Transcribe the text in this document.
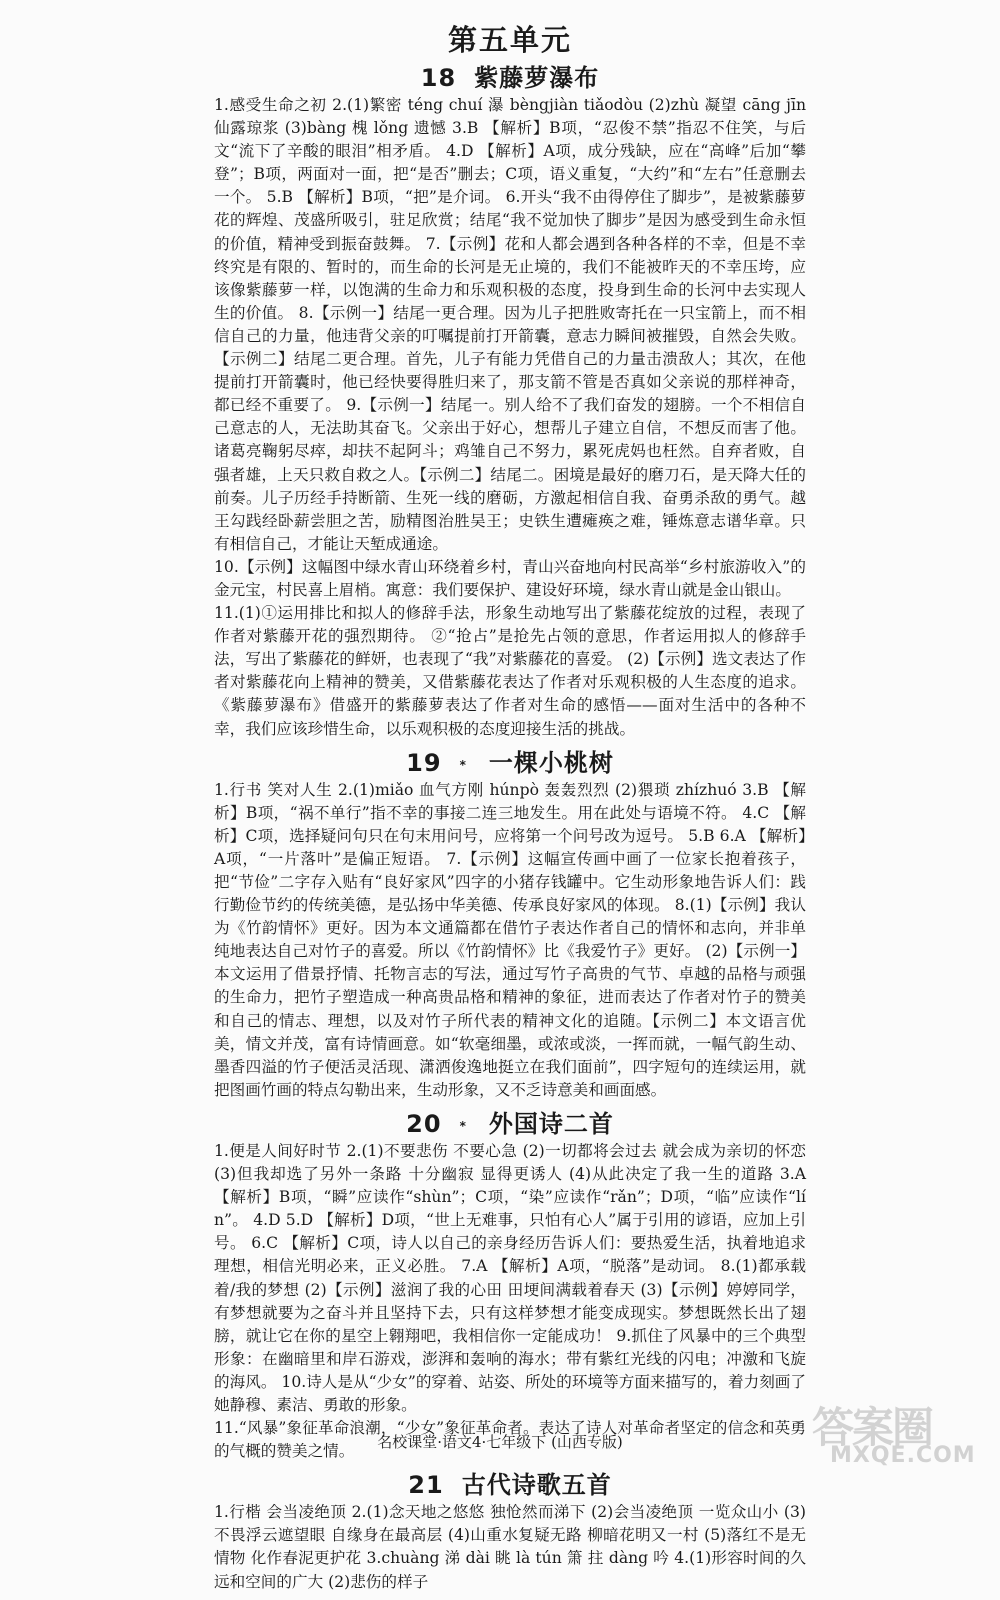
第五单元
18 紫藤萝瀑布

1.感受生命之初 2.(1)繁密 téng chuí 瀑 bèngjiàn tiǎodòu (2)zhù 凝望 cāng jīn 仙露琼浆 (3)bàng 槐 lǒng 遗憾 3.B 【解析】B项，“忍俊不禁”指忍不住笑，与后文“流下了辛酸的眼泪”相矛盾。 4.D 【解析】A项，成分残缺，应在“高峰”后加“攀登”；B项，两面对一面，把“是否”删去；C项，语义重复，“大约”和“左右”任意删去一个。 5.B 【解析】B项，“把”是介词。 6.开头“我不由得停住了脚步”，是被紫藤萝花的辉煌、茂盛所吸引，驻足欣赏；结尾“我不觉加快了脚步”是因为感受到生命永恒的价值，精神受到振奋鼓舞。 7.【示例】花和人都会遇到各种各样的不幸，但是不幸终究是有限的、暂时的，而生命的长河是无止境的，我们不能被昨天的不幸压垮，应该像紫藤萝一样，以饱满的生命力和乐观积极的态度，投身到生命的长河中去实现人生的价值。 8.【示例一】结尾一更合理。因为儿子把胜败寄托在一只宝箭上，而不相信自己的力量，他违背父亲的叮嘱提前打开箭囊，意志力瞬间被摧毁，自然会失败。【示例二】结尾二更合理。首先，儿子有能力凭借自己的力量击溃敌人；其次，在他提前打开箭囊时，他已经快要得胜归来了，那支箭不管是否真如父亲说的那样神奇，都已经不重要了。 9.【示例一】结尾一。别人给不了我们奋发的翅膀。一个不相信自己意志的人，无法助其奋飞。父亲出于好心，想帮儿子建立自信，不想反而害了他。诸葛亮鞠躬尽瘁，却扶不起阿斗；鸡雏自己不努力，累死虎妈也枉然。自弃者败，自强者雄，上天只救自救之人。【示例二】结尾二。困境是最好的磨刀石，是天降大任的前奏。儿子历经手持断箭、生死一线的磨砺，方激起相信自我、奋勇杀敌的勇气。越王勾践经卧薪尝胆之苦，励精图治胜吴王；史铁生遭瘫痪之难，锤炼意志谱华章。只有相信自己，才能让天堑成通途。

10.【示例】这幅图中绿水青山环绕着乡村，青山兴奋地向村民高举“乡村旅游收入”的金元宝，村民喜上眉梢。寓意：我们要保护、建设好环境，绿水青山就是金山银山。

11.(1)①运用排比和拟人的修辞手法，形象生动地写出了紫藤花绽放的过程，表现了作者对紫藤开花的强烈期待。 ②“抢占”是抢先占领的意思，作者运用拟人的修辞手法，写出了紫藤花的鲜妍，也表现了“我”对紫藤花的喜爱。 (2)【示例】选文表达了作者对紫藤花向上精神的赞美，又借紫藤花表达了作者对乐观积极的人生态度的追求。《紫藤萝瀑布》借盛开的紫藤萝表达了作者对生命的感悟——面对生活中的各种不幸，我们应该珍惜生命，以乐观积极的态度迎接生活的挑战。

19 * 一棵小桃树

1.行书 笑对人生 2.(1)miǎo 血气方刚 húnpò 轰轰烈烈 (2)猥琐 zhízhuó 3.B 【解析】B项，“祸不单行”指不幸的事接二连三地发生。用在此处与语境不符。 4.C 【解析】C项，选择疑问句只在句末用问号，应将第一个问号改为逗号。 5.B 6.A 【解析】A项，“一片落叶”是偏正短语。 7.【示例】这幅宣传画中画了一位家长抱着孩子，把“节俭”二字存入贴有“良好家风”四字的小猪存钱罐中。它生动形象地告诉人们：践行勤俭节约的传统美德，是弘扬中华美德、传承良好家风的体现。 8.(1)【示例】我认为《竹韵情怀》更好。因为本文通篇都在借竹子表达作者自己的情怀和志向，并非单纯地表达自己对竹子的喜爱。所以《竹韵情怀》比《我爱竹子》更好。 (2)【示例一】本文运用了借景抒情、托物言志的写法，通过写竹子高贵的气节、卓越的品格与顽强的生命力，把竹子塑造成一种高贵品格和精神的象征，进而表达了作者对竹子的赞美和自己的情志、理想，以及对竹子所代表的精神文化的追随。【示例二】本文语言优美，情文并茂，富有诗情画意。如“软毫细墨，或浓或淡，一挥而就，一幅气韵生动、墨香四溢的竹子便活灵活现、潇洒俊逸地挺立在我们面前”，四字短句的连续运用，就把图画竹画的特点勾勒出来，生动形象，又不乏诗意美和画面感。

20 * 外国诗二首

1.便是人间好时节 2.(1)不要悲伤 不要心急 (2)一切都将会过去 就会成为亲切的怀恋 (3)但我却选了另外一条路 十分幽寂 显得更诱人 (4)从此决定了我一生的道路 3.A 【解析】B项，“瞬”应读作“shùn”；C项，“染”应读作“rǎn”；D项，“临”应读作“lín”。 4.D 5.D 【解析】D项，“世上无难事，只怕有心人”属于引用的谚语，应加上引号。 6.C 【解析】C项，诗人以自己的亲身经历告诉人们：要热爱生活，执着地追求理想，相信光明必来，正义必胜。 7.A 【解析】A项，“脱落”是动词。 8.(1)都承载着/我的梦想 (2)【示例】滋润了我的心田 田埂间满载着春天 (3)【示例】婷婷同学，有梦想就要为之奋斗并且坚持下去，只有这样梦想才能变成现实。梦想既然长出了翅膀，就让它在你的星空上翱翔吧，我相信你一定能成功！ 9.抓住了风暴中的三个典型形象：在幽暗里和岸石游戏，澎湃和轰响的海水；带有紫红光线的闪电；冲激和飞旋的海风。 10.诗人是从“少女”的穿着、站姿、所处的环境等方面来描写的，着力刻画了她静穆、素洁、勇敢的形象。

11.“风暴”象征革命浪潮，“少女”象征革命者。表达了诗人对革命者坚定的信念和英勇的气概的赞美之情。

21 古代诗歌五首

1.行楷 会当凌绝顶 2.(1)念天地之悠悠 独怆然而涕下 (2)会当凌绝顶 一览众山小 (3)不畏浮云遮望眼 自缘身在最高层 (4)山重水复疑无路 柳暗花明又一村 (5)落红不是无情物 化作春泥更护花 3.chuàng 涕 dài 眺 là tún 箫 拄 dàng 吟 4.(1)形容时间的久远和空间的广大 (2)悲伤的样子

名校课堂·语文4·七年级下 (山西专版)	答案圈
MXQE.COM
